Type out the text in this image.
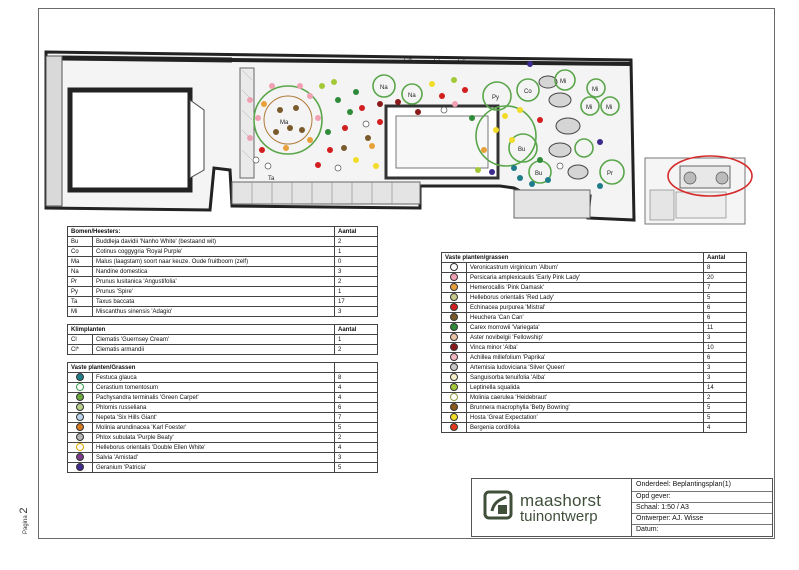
Cl*	Cl	Cl*
Ma
Na
Na	Py
Co
Mi
Mi
Mi Mi
Bu
Bu	Pr
Ta
Bomen/Heesters:		Aantal
Bu	Buddleja davidii 'Nanho White' (bestaand wit)	2
Co	Cotinus coggygria 'Royal Purple'	1
Ma	Malus (laagstam) soort naar keuze. Oude fruitboom (zelf)	0
Na	Nandine domestica	3
Pr	Prunus lusitanica 'Angustifolia'	2
Py	Prunus 'Spire'	1
Ta	Taxus baccata	17
Mi	Miscanthus sinensis 'Adagio'	3

Klimplanten		Aantal
Cl	Clematis 'Guernsey Cream'	1
Cl*	Clematis armandii	2

Vaste planten/Grassen		
	Festuca glauca	8
	Cerastium tomentosum	4
	Pachysandra terminalis 'Green Carpet'	4
	Phlomis russeliana	6
	Nepeta 'Six Hills Giant'	7
	Molinia arundinacea 'Karl Foester'	5
	Phlox subulata 'Purple Beaty'	2
	Helleborus orientalis 'Double Ellen White'	4
	Salvia 'Amistad'	3
	Geranium 'Patricia'	5
Vaste planten/grassen		Aantal
	Veronicastrum virginicum 'Album'	8
	Persicaria amplexicaulis 'Early Pink Lady'	20
	Hemerocallis 'Pink Damask'	7
	Helleborus orientalis 'Red Lady'	5
	Echinacea purpurea 'Mistral'	6
	Heuchera 'Can Can'	6
	Carex morrowii 'Variegata'	11
	Aster novibelgii 'Fellowship'	3
	Vinca minor 'Alba'	10
	Achillea millefolium 'Paprika'	6
	Artemisia ludoviciana 'Silver Queen'	3
	Sanguisorba tenuifolia 'Alba'	3
	Leptinella squalida	14
	Molinia caerulea 'Heidebraut'	2
	Brunnera macrophylla 'Betty Bowring'	5
	Hosta 'Great Expectation'	5
	Bergenia cordifolia	4
maashorst
tuinontwerp
Onderdeel: Beplantingsplan(1)
Opd gever:
Schaal: 1:50 / A3
Ontwerper: AJ. Wisse
Datum:
Pagina 2
